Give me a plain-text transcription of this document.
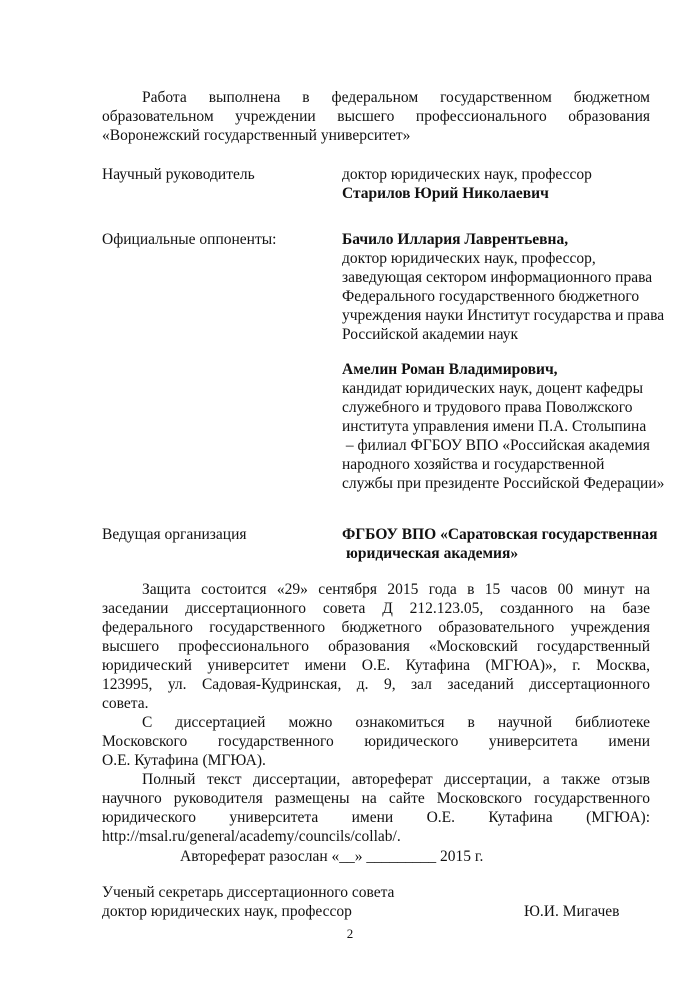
Работа выполнена в федеральном государственном бюджетном
образовательном учреждении высшего профессионального образования
«Воронежский государственный университет»
Научный руководитель	доктор юридических наук, профессор
Старилов Юрий Николаевич
Официальные оппоненты:	Бачило Иллария Лаврентьевна,
доктор юридических наук, профессор,
заведующая сектором информационного права
Федерального государственного бюджетного
учреждения науки Институт государства и права
Российской академии наук
Амелин Роман Владимирович,
кандидат юридических наук, доцент кафедры
служебного и трудового права Поволжского
института управления имени П.А. Столыпина
– филиал ФГБОУ ВПО «Российская академия
народного хозяйства и государственной
службы при президенте Российской Федерации»
Ведущая организация	ФГБОУ ВПО «Саратовская государственная
юридическая академия»
Защита состоится «29» сентября 2015 года в 15 часов 00 минут на
заседании диссертационного совета Д 212.123.05, созданного на базе
федерального государственного бюджетного образовательного учреждения
высшего профессионального образования «Московский государственный
юридический университет имени О.Е. Кутафина (МГЮА)», г. Москва,
123995, ул. Садовая-Кудринская, д. 9, зал заседаний диссертационного
совета.
С диссертацией можно ознакомиться в научной библиотеке
Московского государственного юридического университета имени
О.Е. Кутафина (МГЮА).
Полный текст диссертации, автореферат диссертации, а также отзыв
научного руководителя размещены на сайте Московского государственного
юридического университета имени О.Е. Кутафина (МГЮА):
http://msal.ru/general/academy/councils/collab/.
Автореферат разослан «__» _________ 2015 г.
Ученый секретарь диссертационного совета
доктор юридических наук, профессор	Ю.И. Мигачев
2
